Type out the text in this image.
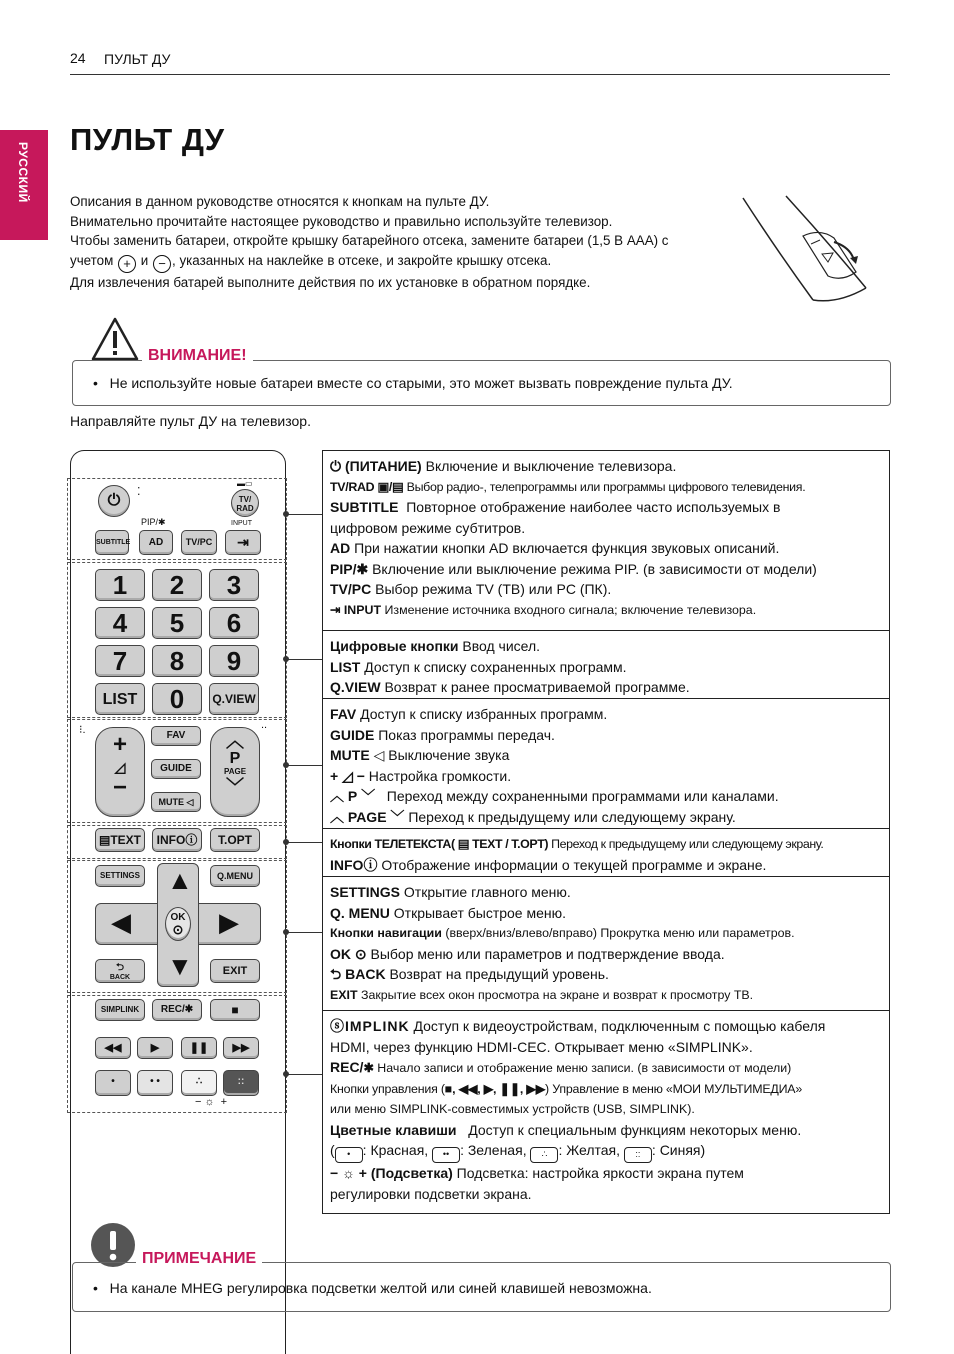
24 ПУЛЬТ ДУ
РУССКИЙ
ПУЛЬТ ДУ
Описания в данном руководстве относятся к кнопкам на пульте ДУ.
Внимательно прочитайте настоящее руководство и правильно используйте телевизор.
Чтобы заменить батареи, откройте крышку батарейного отсека, замените батареи (1,5 В ААА) с
учетом + и − , указанных на наклейке в отсеке, и закройте крышку отсека.
Для извлечения батарей выполните действия по их установке в обратном порядке.
•   Не используйте новые батареи вместе со старыми, это может вызвать повреждение пульта ДУ.
ВНИМАНИЕ!
Направляйте пульт ДУ на телевизор.
⏻	⁚
▬▭
TV/
RAD
PIP/✱	INPUT
SUBTITLE	AD	TV/PC	⇥
1	2	3
4	5	6
7	8	9
LIST	0	Q.VIEW
⁝.	..
+
◿
−
FAV
GUIDE
MUTE ◁
︿
P
PAGE
﹀
▤TEXT	INFOⓘ	T.OPT
SETTINGS	Q.MENU
▲
▼
◀	▶
OK
⊙
⮌
BACK
EXIT
SIMPLINK	REC/✱	■
◀◀	▶	❚❚	▶▶
•	• •	∴	::
− ☼  +
⏻ (ПИТАНИЕ) Включение и выключение телевизора.
TV/RAD ▣/▤ Выбор радио-, телепрограммы или программы цифрового телевидения.
SUBTITLE Повторное отображение наиболее часто используемых в
цифровом режиме субтитров.
AD При нажатии кнопки AD включается функция звуковых описаний.
PIP/✱ Включение или выключение режима PIP. (в зависимости от модели)
TV/PC Выбор режима TV (ТВ) или PC (ПК).
⇥ INPUT Изменение источника входного сигнала; включение телевизора.
Цифровые кнопки Ввод чисел.
LIST Доступ к списку сохраненных программ.
Q.VIEW Возврат к ранее просматриваемой программе.
FAV Доступ к списку избранных программ.
GUIDE Показ программы передач.
MUTE ◁ Выключение звука
+ ◿ − Настройка громкости.
︿ P ﹀ Переход между сохраненными программами или каналами.
︿ PAGE ﹀ Переход к предыдущему или следующему экрану.
Кнопки ТЕЛЕТЕКСТА( ▤ TEXT / T.OPT) Переход к предыдущему или следующему экрану.
INFOⓘ Отображение информации о текущей программе и экране.
SETTINGS Открытие главного меню.
Q. MENU Открывает быстрое меню.
Кнопки навигации (вверх/вниз/влево/вправо) Прокрутка меню или параметров.
OK ⊙ Выбор меню или параметров и подтверждение ввода.
⮌ BACK Возврат на предыдущий уровень.
EXIT Закрытие всех окон просмотра на экране и возврат к просмотру ТВ.
ⓢIMPLINK Доступ к видеоустройствам, подключенным с помощью кабеля
HDMI, через функцию HDMI-CEC. Открывает меню «SIMPLINK».
REC/✱ Начало записи и отображение меню записи. (в зависимости от модели)
Кнопки управления (■, ◀◀, ▶, ❚❚, ▶▶) Управление в меню «МОИ МУЛЬТИМЕДИА»
или меню SIMPLINK-совместимых устройств (USB, SIMPLINK).
Цветные клавиши Доступ к специальным функциям некоторых меню.
( • : Красная, •• : Зеленая, ∴ : Желтая, :: : Синяя)
− ☼ + (Подсветка) Подсветка: настройка яркости экрана путем
регулировки подсветки экрана.
•   На канале MHEG регулировка подсветки желтой или синей клавишей невозможна.
ПРИМЕЧАНИЕ
